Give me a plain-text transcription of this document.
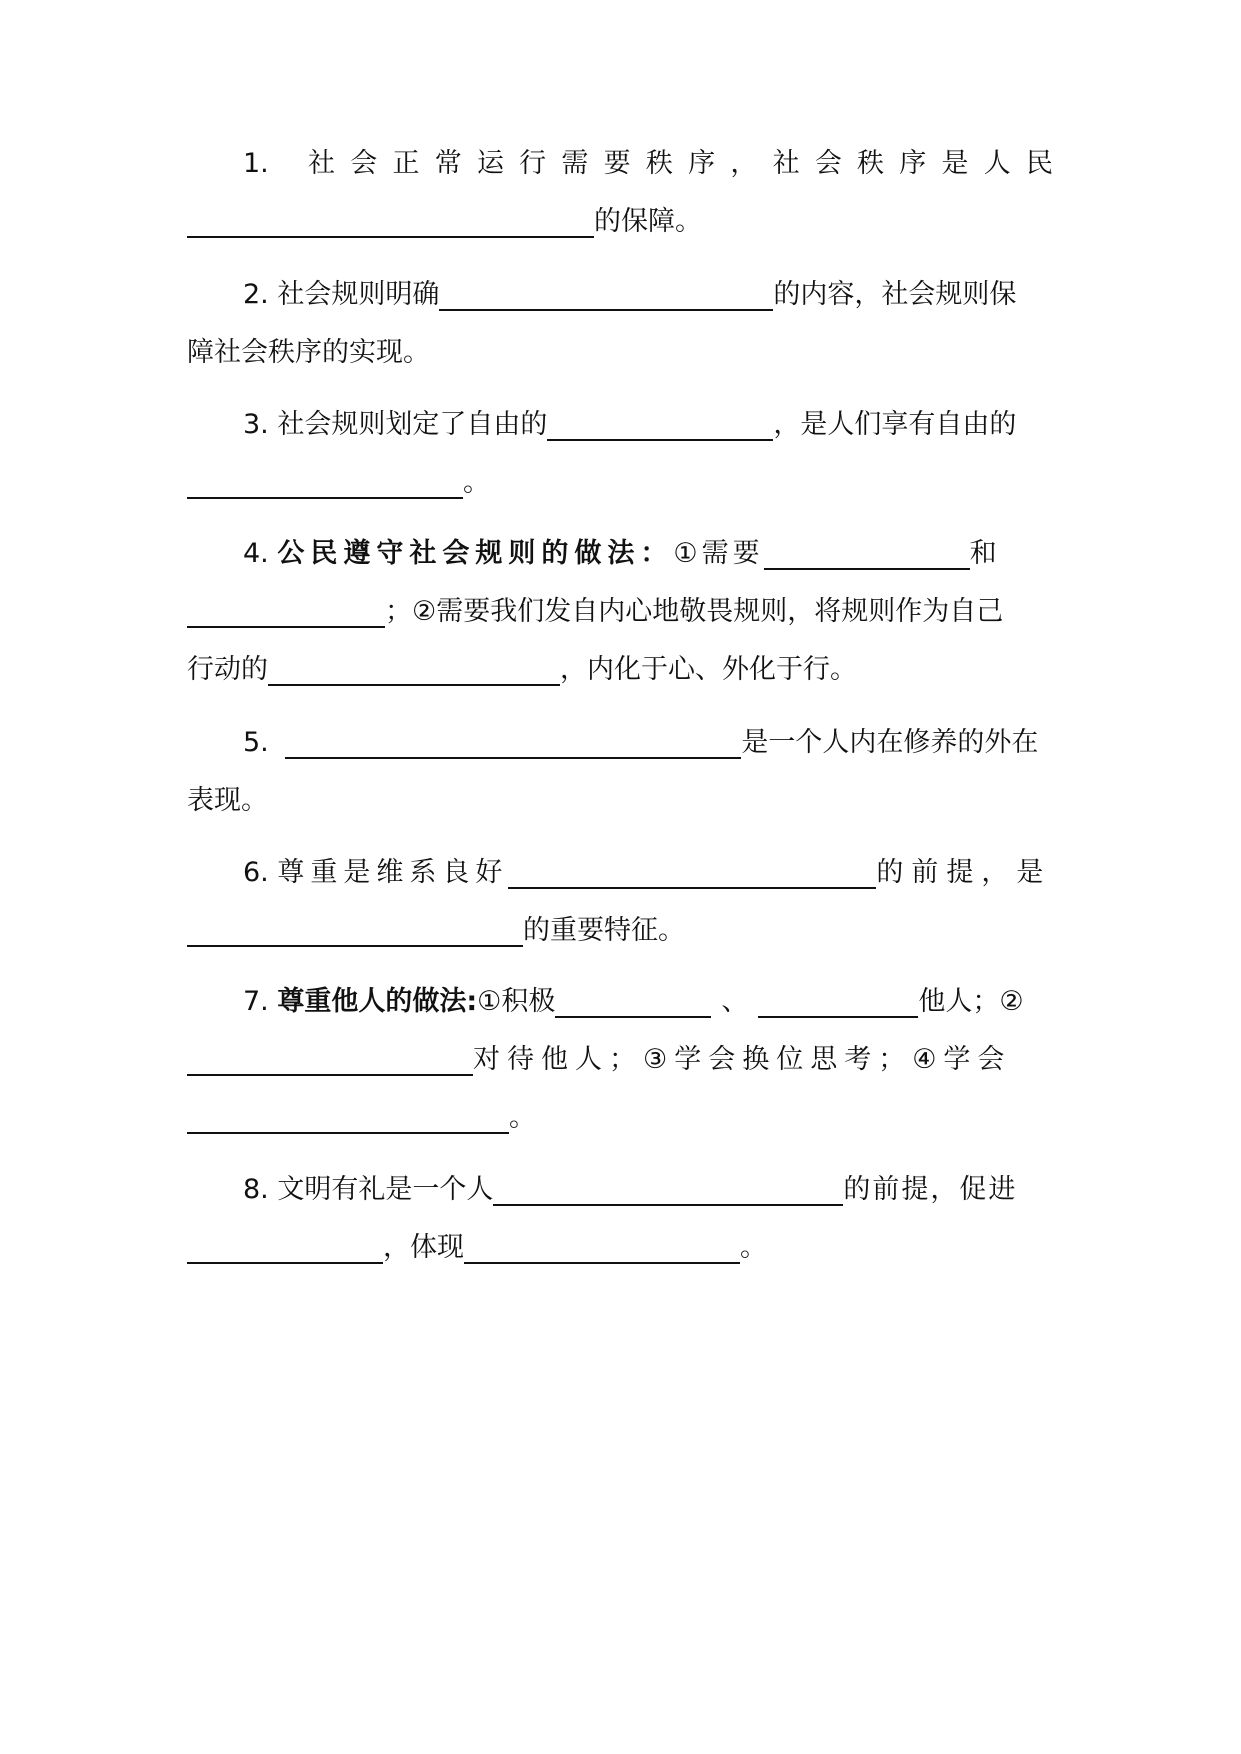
1. 社 会 正 常 运 行 需 要 秩 序 ， 社 会 秩 序 是 人 民
的保障。
2. 社会规则明确	的内容，社会规则保
障社会秩序的实现。
3. 社会规则划定了自由的	，是人们享有自由的
。
4. 公民遵守社会规则的做法：①需要	和
；②需要我们发自内心地敬畏规则，将规则作为自己
行动的	，内化于心、外化于行。
5.	是一个人内在修养的外在
表现。
6. 尊重是维系良好	的前提，是
的重要特征。
7. 尊重他人的做法:①积极	、	他人；②
对待他人；③学会换位思考；④学会
。
8. 文明有礼是一个人	的前提，促进
，体现	。
